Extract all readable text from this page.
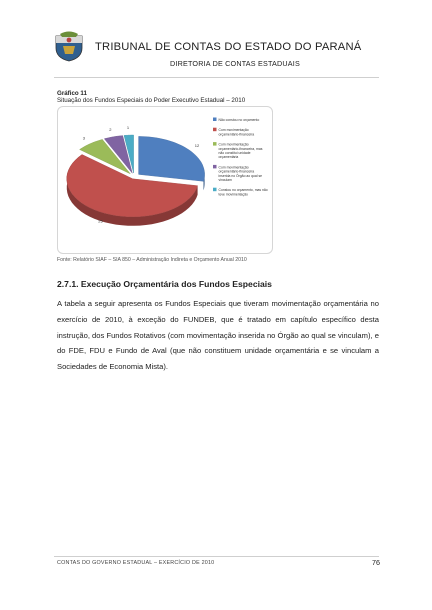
TRIBUNAL DE CONTAS DO ESTADO DO PARANÁ
DIRETORIA DE CONTAS ESTADUAIS
Gráfico 11
Situação dos Fundos Especiais do Poder Executivo Estadual – 2010
12
25
3
2	1
Não constou no orçamento
Com movimentação orçamentário-financeira
Com movimentação orçamentário-financeira, mas não constitui unidade orçamentária
Com movimentação orçamentário-financeira inserida no Órgão ao qual se vinculam
Constou no orçamento, mas não teve movimentação
Fonte: Relatório SIAF – SIA 850 – Administração Indireta e Orçamento Anual 2010
2.7.1. Execução Orçamentária dos Fundos Especiais
A tabela a seguir apresenta os Fundos Especiais que tiveram movimentação orçamentária no exercício de 2010, à exceção do FUNDEB, que é tratado em capítulo específico desta instrução, dos Fundos Rotativos (com movimentação inserida no Órgão ao qual se vinculam), e do FDE, FDU e Fundo de Aval (que não constituem unidade orçamentária e se vinculam a Sociedades de Economia Mista).
CONTAS DO GOVERNO ESTADUAL – EXERCÍCIO DE 2010	76
